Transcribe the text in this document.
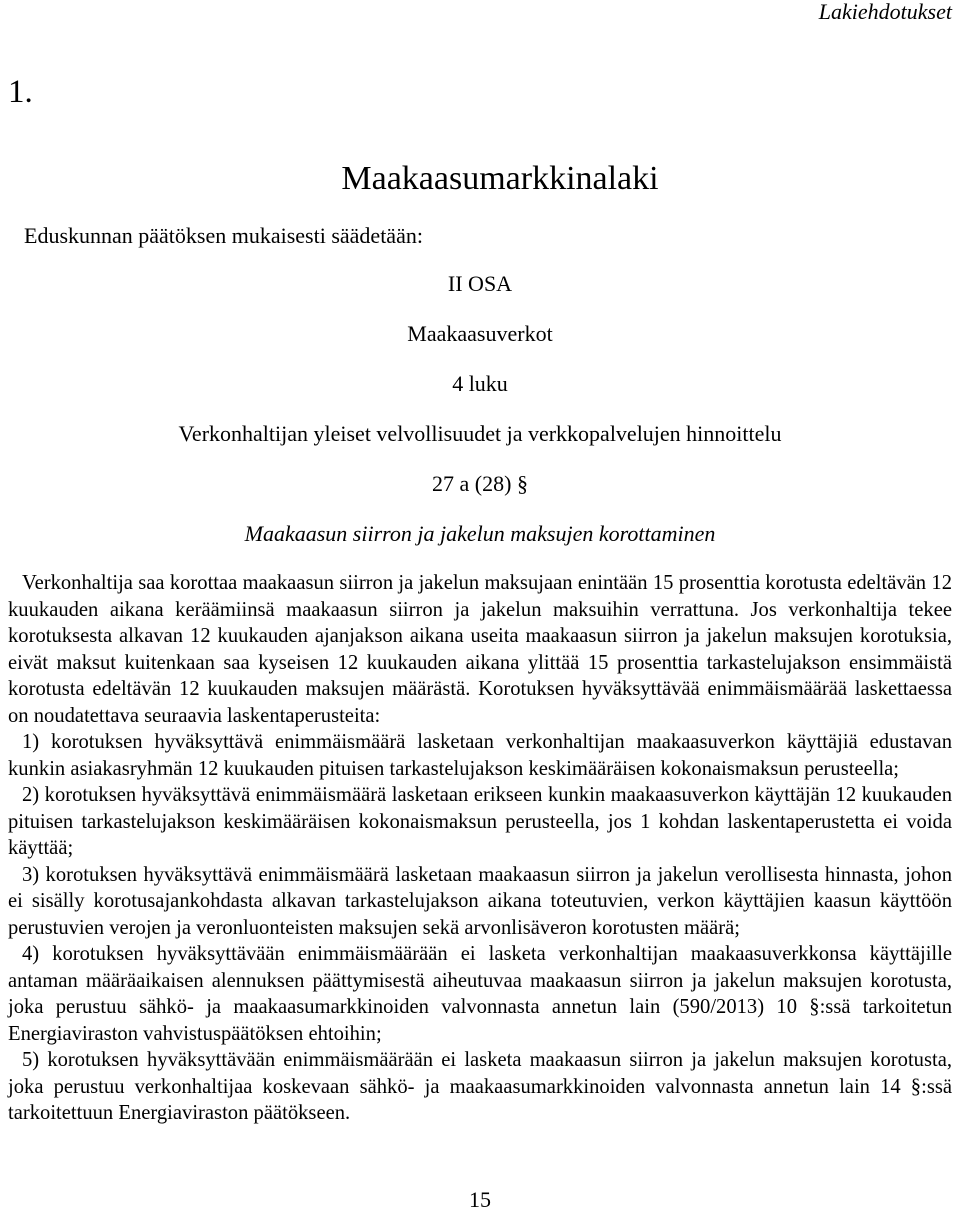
Lakiehdotukset
1.
Maakaasumarkkinalaki
Eduskunnan päätöksen mukaisesti säädetään:
II OSA
Maakaasuverkot
4 luku
Verkonhaltijan yleiset velvollisuudet ja verkkopalvelujen hinnoittelu
27 a (28) §
Maakaasun siirron ja jakelun maksujen korottaminen

Verkonhaltija saa korottaa maakaasun siirron ja jakelun maksujaan enintään 15 prosenttia korotusta edeltävän 12 kuukauden aikana keräämiinsä maakaasun siirron ja jakelun maksuihin verrattuna. Jos verkonhaltija tekee korotuksesta alkavan 12 kuukauden ajanjakson aikana useita maakaasun siirron ja jakelun maksujen korotuksia, eivät maksut kuitenkaan saa kyseisen 12 kuukauden aikana ylittää 15 prosenttia tarkastelujakson ensimmäistä korotusta edeltävän 12 kuukauden maksujen määrästä. Korotuksen hyväksyttävää enimmäismäärää laskettaessa on noudatettava seuraavia laskentaperusteita:

1) korotuksen hyväksyttävä enimmäismäärä lasketaan verkonhaltijan maakaasuverkon käyttäjiä edustavan kunkin asiakasryhmän 12 kuukauden pituisen tarkastelujakson keskimääräisen kokonaismaksun perusteella;

2) korotuksen hyväksyttävä enimmäismäärä lasketaan erikseen kunkin maakaasuverkon käyttäjän 12 kuukauden pituisen tarkastelujakson keskimääräisen kokonaismaksun perusteella, jos 1 kohdan laskentaperustetta ei voida käyttää;

3) korotuksen hyväksyttävä enimmäismäärä lasketaan maakaasun siirron ja jakelun verollisesta hinnasta, johon ei sisälly korotusajankohdasta alkavan tarkastelujakson aikana toteutuvien, verkon käyttäjien kaasun käyttöön perustuvien verojen ja veronluonteisten maksujen sekä arvonlisäveron korotusten määrä;

4) korotuksen hyväksyttävään enimmäismäärään ei lasketa verkonhaltijan maakaasuverkkonsa käyttäjille antaman määräaikaisen alennuksen päättymisestä aiheutuvaa maakaasun siirron ja jakelun maksujen korotusta, joka perustuu sähkö- ja maakaasumarkkinoiden valvonnasta annetun lain (590/2013) 10 §:ssä tarkoitetun Energiaviraston vahvistuspäätöksen ehtoihin;

5) korotuksen hyväksyttävään enimmäismäärään ei lasketa maakaasun siirron ja jakelun maksujen korotusta, joka perustuu verkonhaltijaa koskevaan sähkö- ja maakaasumarkkinoiden valvonnasta annetun lain 14 §:ssä tarkoitettuun Energiaviraston päätökseen.

15
